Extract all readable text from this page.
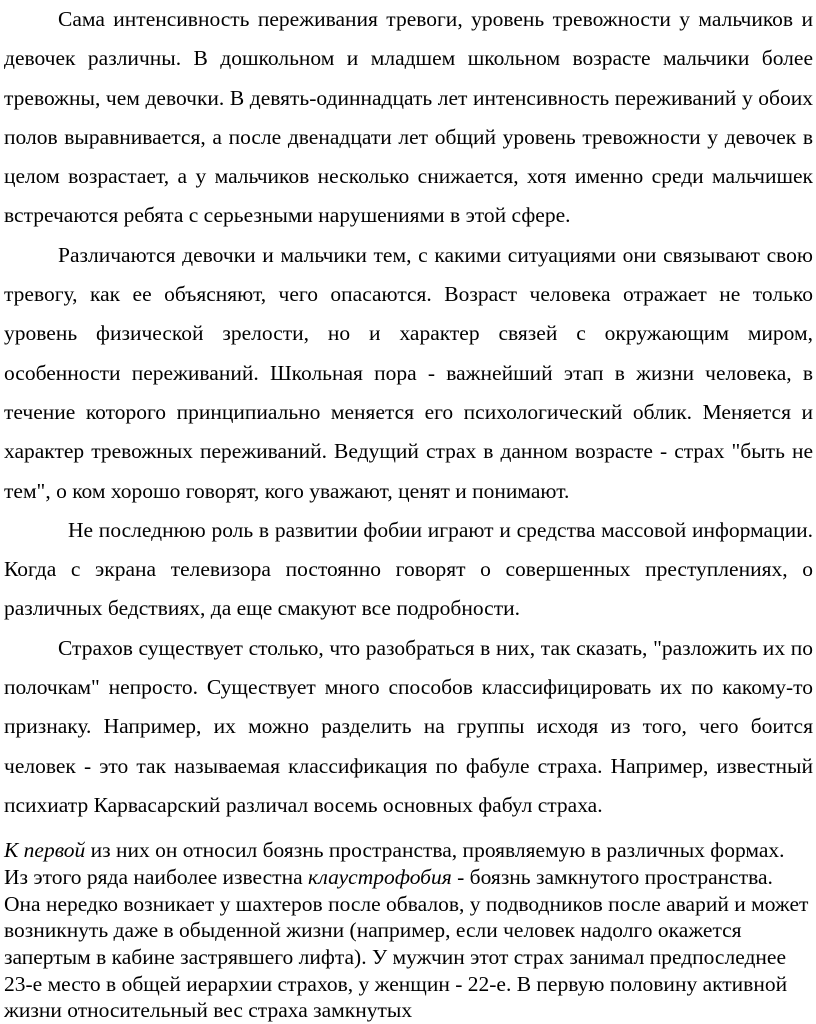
Сама интенсивность переживания тревоги, уровень тревожности у мальчиков и девочек различны. В дошкольном и младшем школьном возрасте мальчики более тревожны, чем девочки. В девять-одиннадцать лет интенсивность переживаний у обоих полов выравнивается, а после двенадцати лет общий уровень тревожности у девочек в целом возрастает, а у мальчиков несколько снижается, хотя именно среди мальчишек встречаются ребята с серьезными нарушениями в этой сфере.

Различаются девочки и мальчики тем, с какими ситуациями они связывают свою тревогу, как ее объясняют, чего опасаются. Возраст человека отражает не только уровень физической зрелости, но и характер связей с окружающим миром, особенности переживаний. Школьная пора - важнейший этап в жизни человека, в течение которого принципиально меняется его психологический облик. Меняется и характер тревожных переживаний. Ведущий страх в данном возрасте - страх "быть не тем", о ком хорошо говорят, кого уважают, ценят и понимают.

Не последнюю роль в развитии фобии играют и средства массовой информации. Когда с экрана телевизора постоянно говорят о совершенных преступлениях, о различных бедствиях, да еще смакуют все подробности.

Страхов существует столько, что разобраться в них, так сказать, "разложить их по полочкам" непросто. Существует много способов классифицировать их по какому-то признаку. Например, их можно разделить на группы исходя из того, чего боится человек - это так называемая классификация по фабуле страха. Например, известный психиатр Карвасарский различал восемь основных фабул страха.

К первой из них он относил боязнь пространства, проявляемую в различных формах. Из этого ряда наиболее известна клаустрофобия - боязнь замкнутого пространства. Она нередко возникает у шахтеров после обвалов, у подводников после аварий и может возникнуть даже в обыденной жизни (например, если человек надолго окажется запертым в кабине застрявшего лифта). У мужчин этот страх занимал предпоследнее 23-е место в общей иерархии страхов, у женщин - 22-е. В первую половину активной жизни относительный вес страха замкнутых
